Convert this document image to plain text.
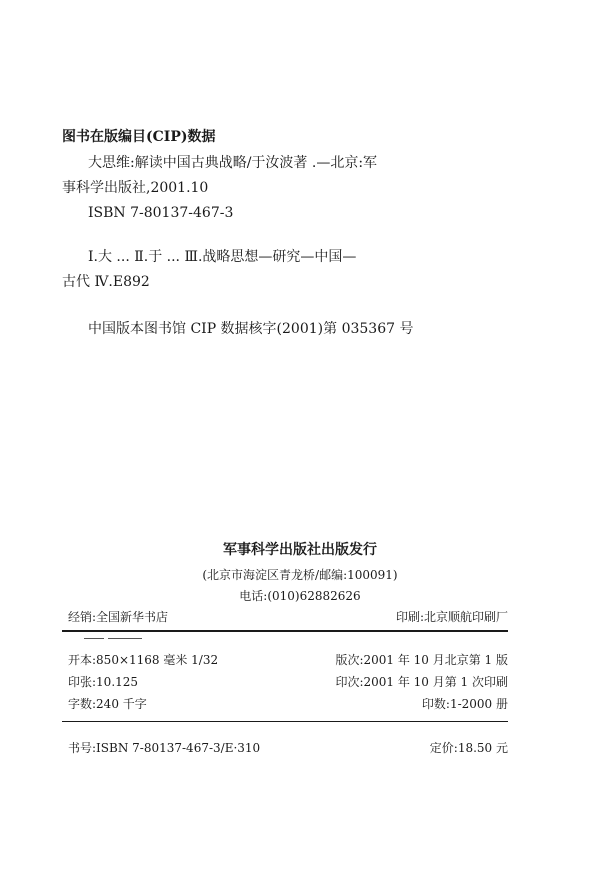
图书在版编目(CIP)数据
大思维:解读中国古典战略/于汝波著 .—北京:军
事科学出版社,2001.10
ISBN 7-80137-467-3
Ⅰ.大 ... Ⅱ.于 ... Ⅲ.战略思想—研究—中国—
古代 Ⅳ.E892
中国版本图书馆 CIP 数据核字(2001)第 035367 号
军事科学出版社出版发行
(北京市海淀区青龙桥/邮编:100091)
电话:(010)62882626
经销:全国新华书店	印刷:北京顺航印刷厂
开本:850×1168 毫米 1/32	版次:2001 年 10 月北京第 1 版
印张:10.125	印次:2001 年 10 月第 1 次印刷
字数:240 千字	印数:1-2000 册
书号:ISBN 7-80137-467-3/E·310	定价:18.50 元
